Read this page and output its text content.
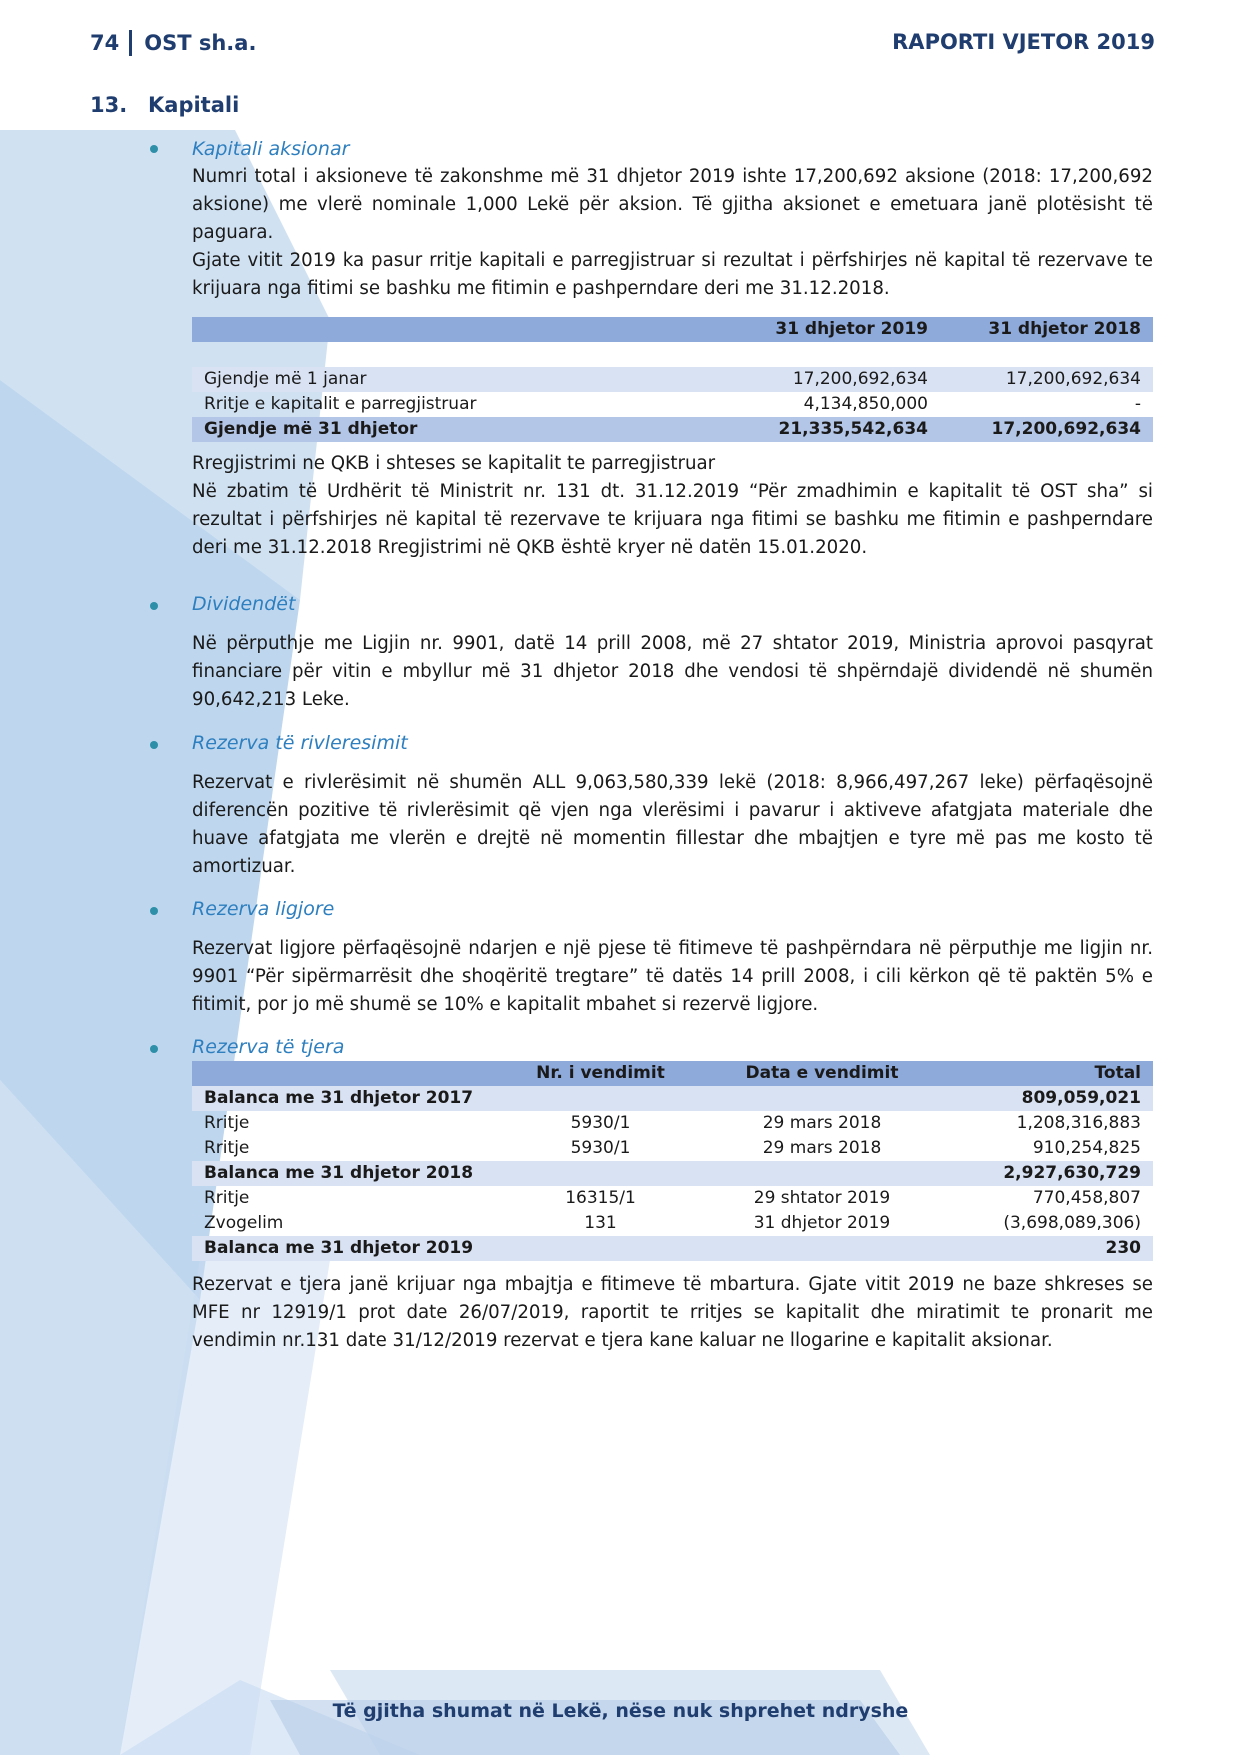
74 OST sh.a.	RAPORTI VJETOR 2019
13. Kapitali
Kapitali aksionar

Numri total i aksioneve të zakonshme më 31 dhjetor 2019 ishte 17,200,692 aksione (2018: 17,200,692 aksione) me vlerë nominale 1,000 Lekë për aksion. Të gjitha aksionet e emetuara janë plotësisht të paguara.

Gjate vitit 2019 ka pasur rritje kapitali e parregjistruar si rezultat i përfshirjes në kapital të rezervave te krijuara nga fitimi se bashku me fitimin e pashperndare deri me 31.12.2018.

	31 dhjetor 2019	31 dhjetor 2018

Gjendje më 1 janar	17,200,692,634	17,200,692,634
Rritje e kapitalit e parregjistruar	4,134,850,000	-
Gjendje më 31 dhjetor	21,335,542,634	17,200,692,634

Rregjistrimi ne QKB i shteses se kapitalit te parregjistruar

Në zbatim të Urdhërit të Ministrit nr. 131 dt. 31.12.2019 “Për zmadhimin e kapitalit të OST sha” si rezultat i përfshirjes në kapital të rezervave te krijuara nga fitimi se bashku me fitimin e pashperndare deri me 31.12.2018 Rregjistrimi në QKB është kryer në datën 15.01.2020.

Dividendët

Në përputhje me Ligjin nr. 9901, datë 14 prill 2008, më 27 shtator 2019, Ministria aprovoi pasqyrat financiare për vitin e mbyllur më 31 dhjetor 2018 dhe vendosi të shpërndajë dividendë në shumën 90,642,213 Leke.

Rezerva të rivleresimit

Rezervat e rivlerësimit në shumën ALL 9,063,580,339 lekë (2018: 8,966,497,267 leke) përfaqësojnë diferencën pozitive të rivlerësimit që vjen nga vlerësimi i pavarur i aktiveve afatgjata materiale dhe huave afatgjata me vlerën e drejtë në momentin fillestar dhe mbajtjen e tyre më pas me kosto të amortizuar.

Rezerva ligjore

Rezervat ligjore përfaqësojnë ndarjen e një pjese të fitimeve të pashpërndara në përputhje me ligjin nr. 9901 “Për sipërmarrësit dhe shoqëritë tregtare” të datës 14 prill 2008, i cili kërkon që të paktën 5% e fitimit, por jo më shumë se 10% e kapitalit mbahet si rezervë ligjore.

Rezerva të tjera
	Nr. i vendimit	Data e vendimit	Total
Balanca me 31 dhjetor 2017			809,059,021
Rritje	5930/1	29 mars 2018	1,208,316,883
Rritje	5930/1	29 mars 2018	910,254,825
Balanca me 31 dhjetor 2018			2,927,630,729
Rritje	16315/1	29 shtator 2019	770,458,807
Zvogelim	131	31 dhjetor 2019	(3,698,089,306)
Balanca me 31 dhjetor 2019			230

Rezervat e tjera janë krijuar nga mbajtja e fitimeve të mbartura. Gjate vitit 2019 ne baze shkreses se MFE nr 12919/1 prot date 26/07/2019, raportit te rritjes se kapitalit dhe miratimit te pronarit me vendimin nr.131 date 31/12/2019 rezervat e tjera kane kaluar ne llogarine e kapitalit aksionar.

Të gjitha shumat në Lekë, nëse nuk shprehet ndryshe
